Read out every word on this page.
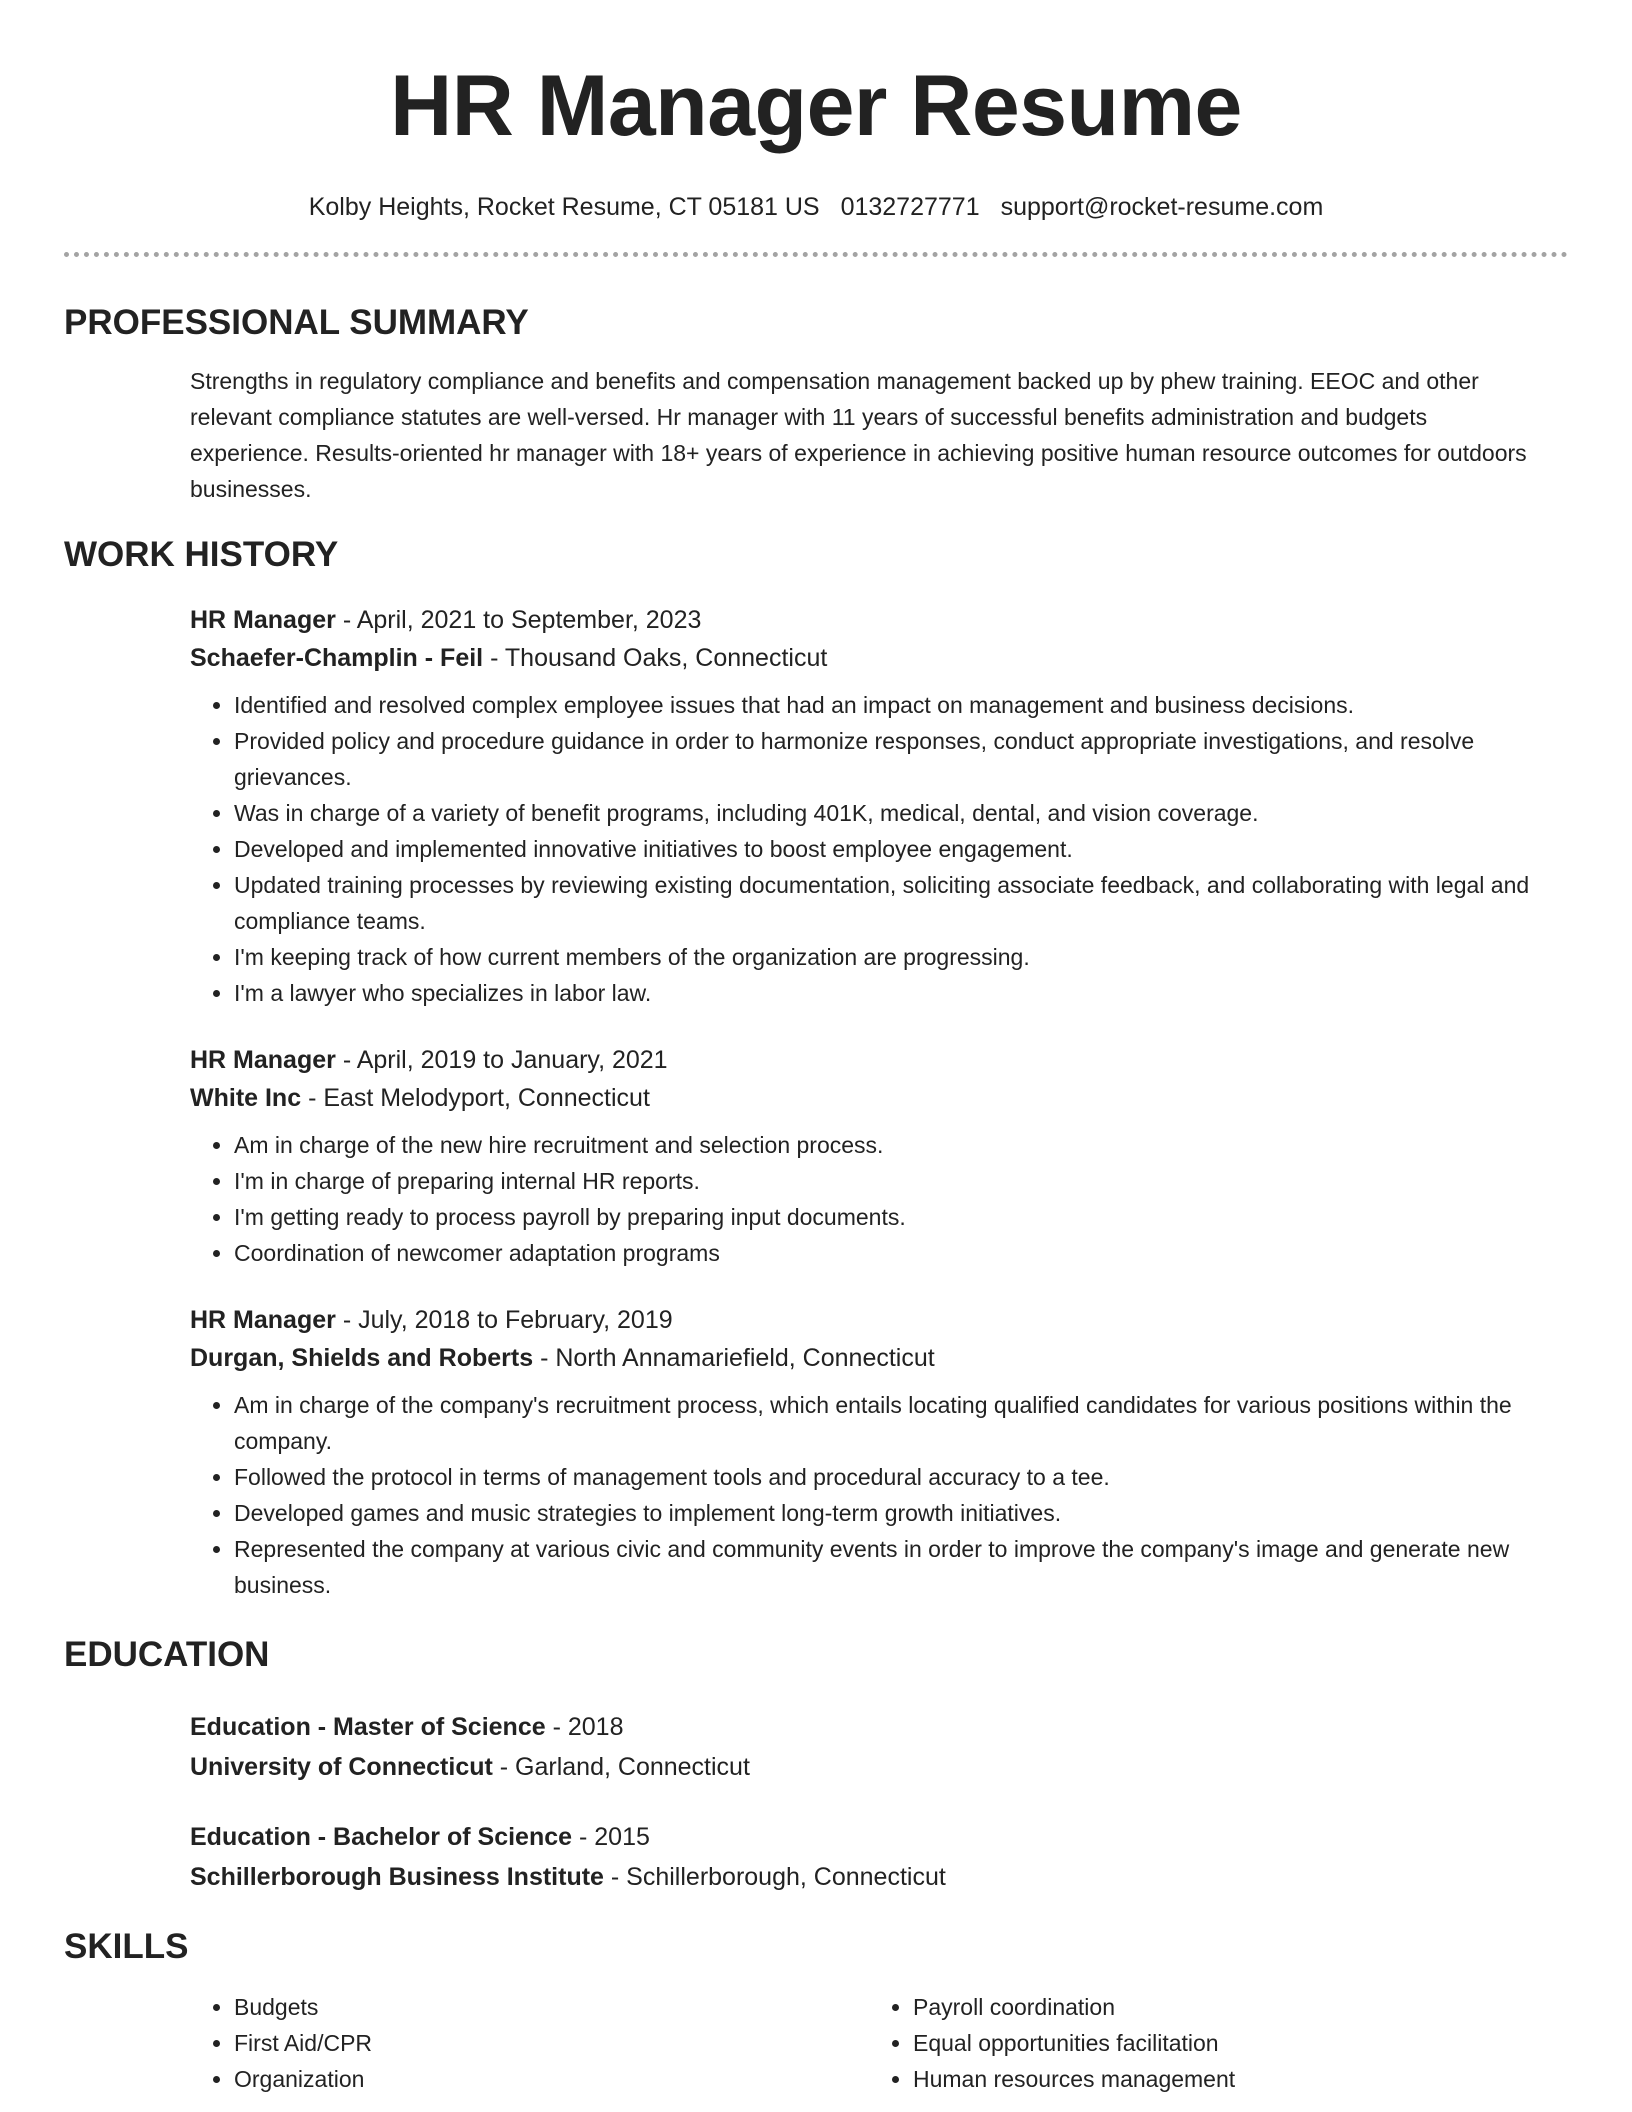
HR Manager Resume
Kolby Heights, Rocket Resume, CT 05181 US 0132727771 support@rocket-resume.com
PROFESSIONAL SUMMARY
Strengths in regulatory compliance and benefits and compensation management backed up by phew training. EEOC and other relevant compliance statutes are well-versed. Hr manager with 11 years of successful benefits administration and budgets experience. Results-oriented hr manager with 18+ years of experience in achieving positive human resource outcomes for outdoors businesses.
WORK HISTORY
HR Manager - April, 2021 to September, 2023
Schaefer-Champlin - Feil - Thousand Oaks, Connecticut
• Identified and resolved complex employee issues that had an impact on management and business decisions.
• Provided policy and procedure guidance in order to harmonize responses, conduct appropriate investigations, and resolve grievances.
• Was in charge of a variety of benefit programs, including 401K, medical, dental, and vision coverage.
• Developed and implemented innovative initiatives to boost employee engagement.
• Updated training processes by reviewing existing documentation, soliciting associate feedback, and collaborating with legal and compliance teams.
• I'm keeping track of how current members of the organization are progressing.
• I'm a lawyer who specializes in labor law.
HR Manager - April, 2019 to January, 2021
White Inc - East Melodyport, Connecticut
• Am in charge of the new hire recruitment and selection process.
• I'm in charge of preparing internal HR reports.
• I'm getting ready to process payroll by preparing input documents.
• Coordination of newcomer adaptation programs
HR Manager - July, 2018 to February, 2019
Durgan, Shields and Roberts - North Annamariefield, Connecticut
• Am in charge of the company's recruitment process, which entails locating qualified candidates for various positions within the company.
• Followed the protocol in terms of management tools and procedural accuracy to a tee.
• Developed games and music strategies to implement long-term growth initiatives.
• Represented the company at various civic and community events in order to improve the company's image and generate new business.
EDUCATION
Education - Master of Science - 2018
University of Connecticut - Garland, Connecticut
Education - Bachelor of Science - 2015
Schillerborough Business Institute - Schillerborough, Connecticut
SKILLS
• Budgets
• First Aid/CPR
• Organization
• Payroll coordination
• Equal opportunities facilitation
• Human resources management
